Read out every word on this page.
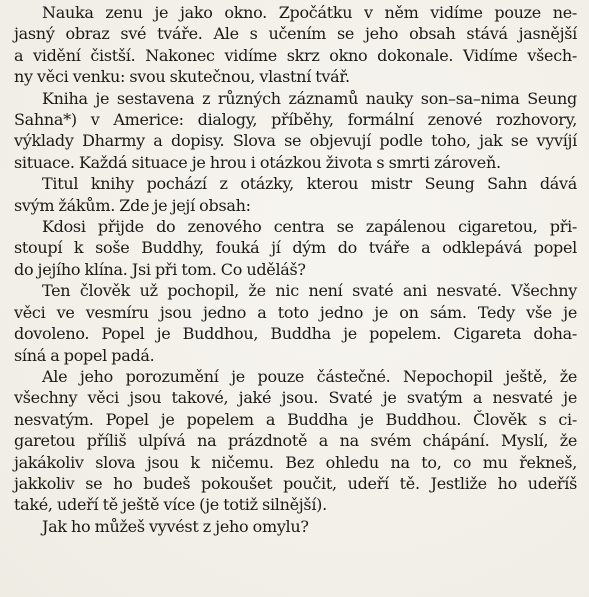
Nauka zenu je jako okno. Zpočátku v něm vidíme pouze ne-
jasný obraz své tváře. Ale s učením se jeho obsah stává jasnější
a vidění čistší. Nakonec vidíme skrz okno dokonale. Vidíme všech-
ny věci venku: svou skutečnou, vlastní tvář.

Kniha je sestavena z různých záznamů nauky son–sa–nima Seung
Sahna*) v Americe: dialogy, příběhy, formální zenové rozhovory,
výklady Dharmy a dopisy. Slova se objevují podle toho, jak se vyvíjí
situace. Každá situace je hrou i otázkou života s smrti zároveň.

Titul knihy pochází z otázky, kterou mistr Seung Sahn dává
svým žákům. Zde je její obsah:

Kdosi přijde do zenového centra se zapálenou cigaretou, při-
stoupí k soše Buddhy, fouká jí dým do tváře a odklepává popel
do jejího klína. Jsi při tom. Co uděláš?

Ten člověk už pochopil, že nic není svaté ani nesvaté. Všechny
věci ve vesmíru jsou jedno a toto jedno je on sám. Tedy vše je
dovoleno. Popel je Buddhou, Buddha je popelem. Cigareta doha-
síná a popel padá.

Ale jeho porozumění je pouze částečné. Nepochopil ještě, že
všechny věci jsou takové, jaké jsou. Svaté je svatým a nesvaté je
nesvatým. Popel je popelem a Buddha je Buddhou. Člověk s ci-
garetou příliš ulpívá na prázdnotě a na svém chápání. Myslí, že
jakákoliv slova jsou k ničemu. Bez ohledu na to, co mu řekneš,
jakkoliv se ho budeš pokoušet poučit, udeří tě. Jestliže ho udeříš
také, udeří tě ještě více (je totiž silnější).

Jak ho můžeš vyvést z jeho omylu?
